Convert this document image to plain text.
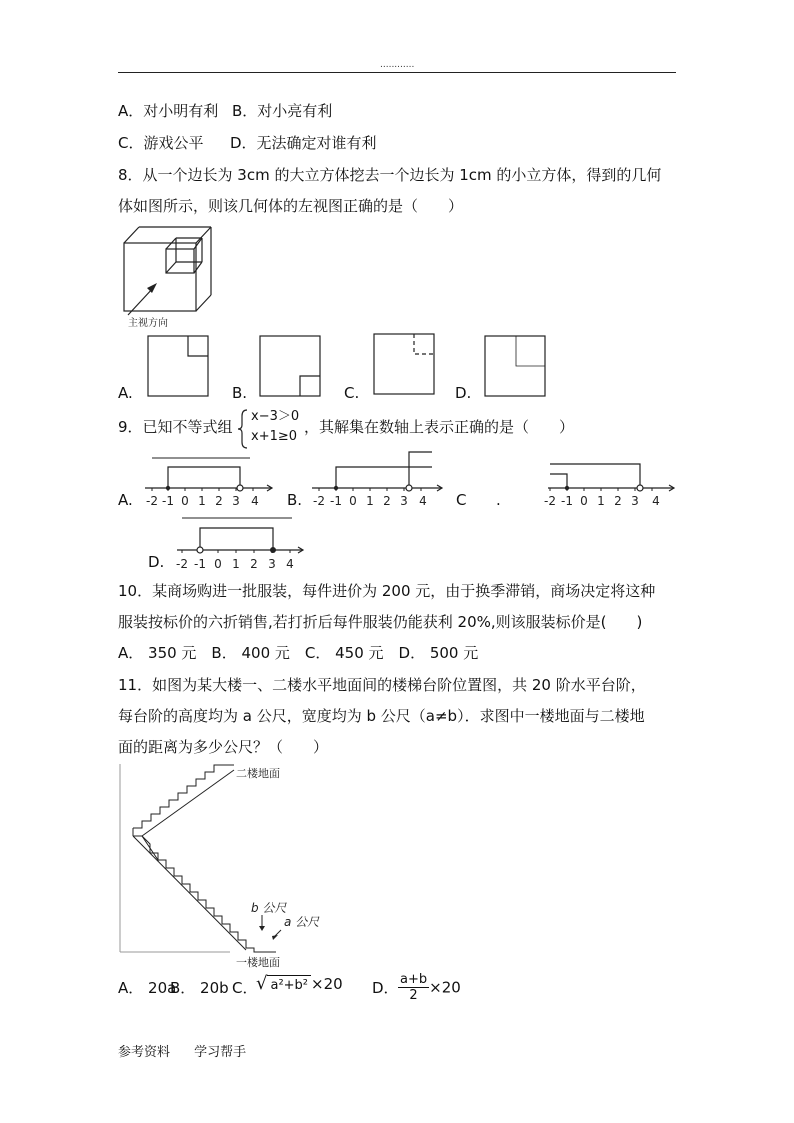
............
A．对小明有利 B．对小亮有利
C．游戏公平 D．无法确定对谁有利
8．从一个边长为 3cm 的大立方体挖去一个边长为 1cm 的小立方体，得到的几何
体如图所示，则该几何体的左视图正确的是（　　）
主视方向
A.	B.	C.	D.
9．已知不等式组
x−3＞0
x+1≥0
，其解集在数轴上表示正确的是（　　）
-2 -1 0 1 2 3 4	-2 -1 0 1 2 3 4	-2 -1 0 1 2 3 4
-2 -1 0 1 2 3 4
A.	B.	C .
D.
10．某商场购进一批服装，每件进价为 200 元，由于换季滞销，商场决定将这种
服装按标价的六折销售,若打折后每件服装仍能获利 20%,则该服装标价是(　　)
A． 350 元　B． 400 元　C． 450 元　D． 500 元
11．如图为某大楼一、二楼水平地面间的楼梯台阶位置图，共 20 阶水平台阶，
每台阶的高度均为 a 公尺，宽度均为 b 公尺（a≠b）．求图中一楼地面与二楼地
面的距离为多少公尺？（　　）
二楼地面
一楼地面
b 公尺
a 公尺
A． 20a
B． 20b C．
√ a²+b² ×20 D． $\frac{a+b}{2} \times 20$
参考资料 学习帮手
